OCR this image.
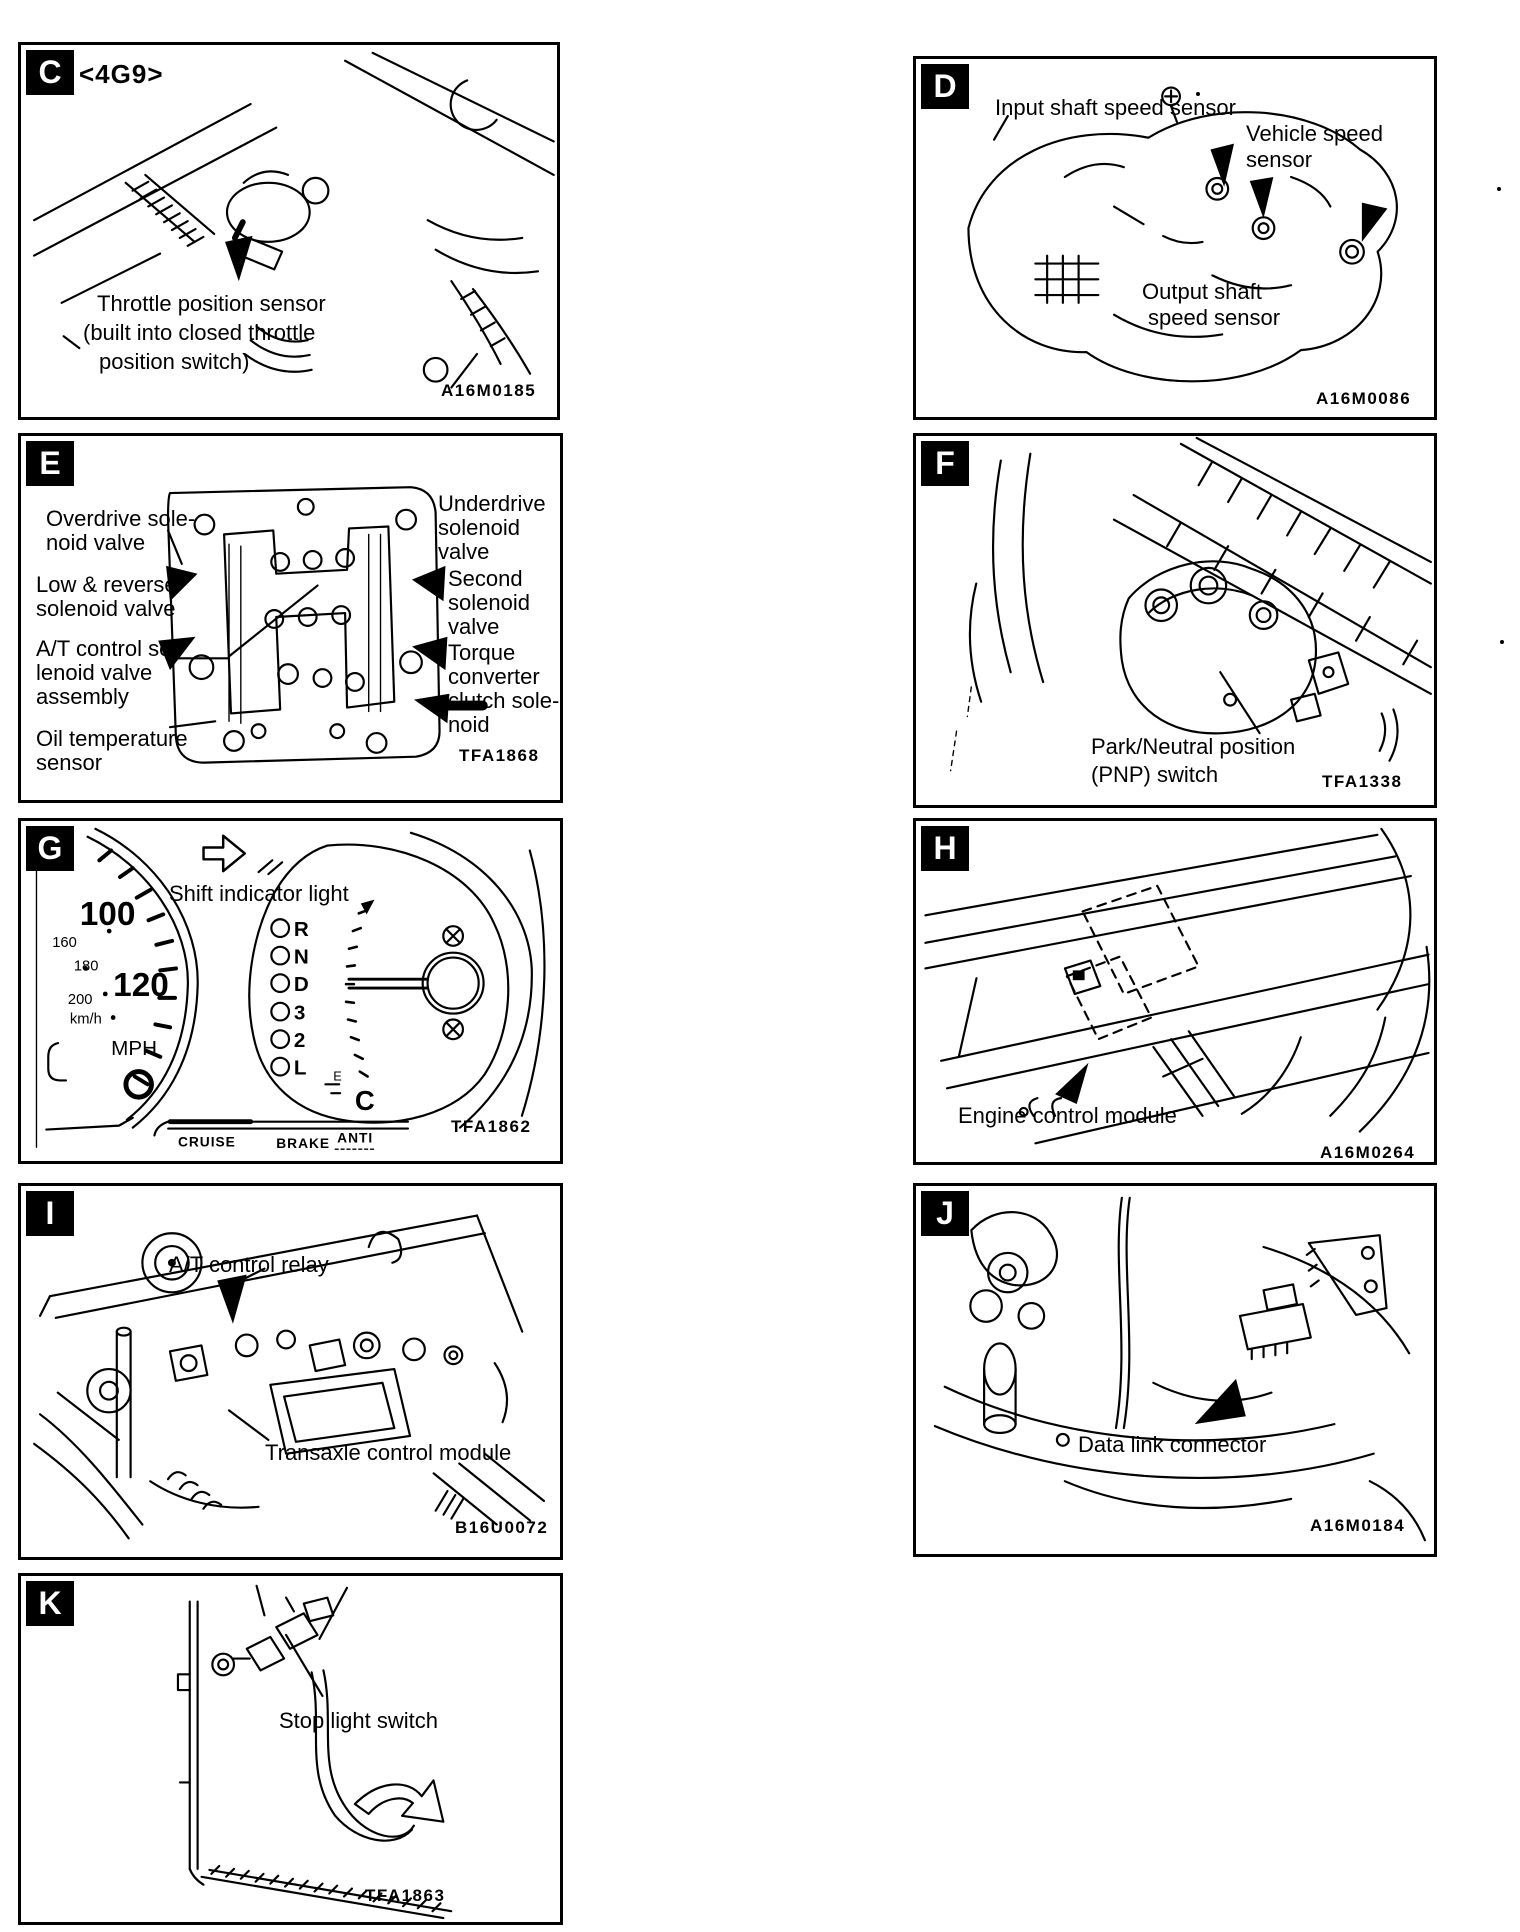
C <4G9>
Throttle position sensor
(built into closed throttle
position switch)
A16M0185
D
Input shaft speed sensor
Vehicle speed
sensor
Output shaft
speed sensor
A16M0086
E
Overdrive sole-
noid valve
Low & reverse
solenoid valve
A/T control so-
lenoid valve
assembly
Oil temperature
sensor
Underdrive
solenoid
valve
Second
solenoid
valve
Torque
converter
clutch sole-
noid
TFA1868
F
Park/Neutral position
(PNP) switch	TFA1338
G
100
120
160
180
200
km/h
MPH
R
N
D
3
2
L E
C
CRUISE	BRAKE ANTI
Shift indicator light
TFA1862
H
Engine control module
A16M0264
I
A/T control relay
Transaxle control module
B16U0072
J
Data link connector
A16M0184
K
Stop light switch
TFA1863
